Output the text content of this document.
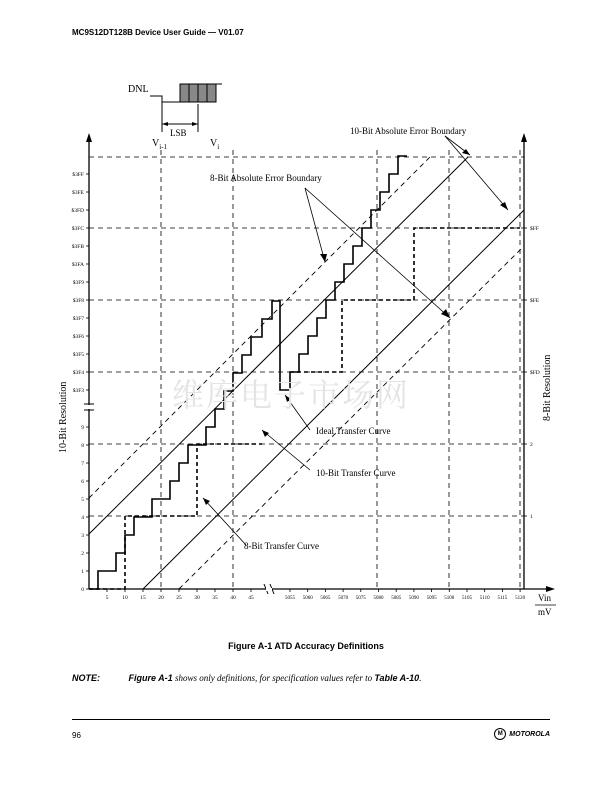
MC9S12DT128B Device User Guide — V01.07
DNL
LSB
$V_{i-1}$	$V_i$
10-Bit Absolute Error Boundary
8-Bit Absolute Error Boundary
Ideal Transfer Curve
10-Bit Transfer Curve
8-Bit Transfer Curve
10-Bit Resolution	8-Bit Resolution
Vin
mV
维库电子市场网
$3FF
$3FE
$3FD
$3FC
$3FB
$3FA
$3F9
$3F8
$3F7
$3F6
$3F5
$3F4
$3F3
9
8
7
6
5
4
3
2
1
0
$FF
$FE
$FD
2
1
5	10 15 20 25 30 35 40 45	5055 5060 5065 5070 5075 5080 5085 5090 5095 5100 5105 5110 5115 5120
Figure A-1 ATD Accuracy Definitions
NOTE:	Figure A-1 shows only definitions, for specification values refer to Table A-10.
96	M MOTOROLA
